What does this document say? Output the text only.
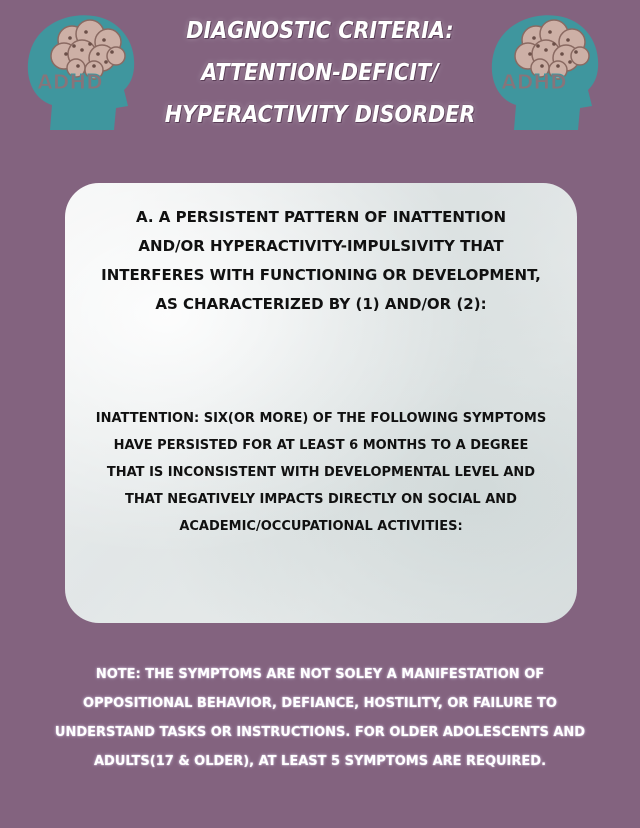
ADHD	ADHD
DIAGNOSTIC CRITERIA:
ATTENTION-DEFICIT/
HYPERACTIVITY DISORDER
A. A PERSISTENT PATTERN OF INATTENTION
AND/OR HYPERACTIVITY-IMPULSIVITY THAT
INTERFERES WITH FUNCTIONING OR DEVELOPMENT,
AS CHARACTERIZED BY (1) AND/OR (2):
INATTENTION: SIX(OR MORE) OF THE FOLLOWING SYMPTOMS
HAVE PERSISTED FOR AT LEAST 6 MONTHS TO A DEGREE
THAT IS INCONSISTENT WITH DEVELOPMENTAL LEVEL AND
THAT NEGATIVELY IMPACTS DIRECTLY ON SOCIAL AND
ACADEMIC/OCCUPATIONAL ACTIVITIES:
NOTE: THE SYMPTOMS ARE NOT SOLEY A MANIFESTATION OF
OPPOSITIONAL BEHAVIOR, DEFIANCE, HOSTILITY, OR FAILURE TO
UNDERSTAND TASKS OR INSTRUCTIONS. FOR OLDER ADOLESCENTS AND
ADULTS(17 & OLDER), AT LEAST 5 SYMPTOMS ARE REQUIRED.
